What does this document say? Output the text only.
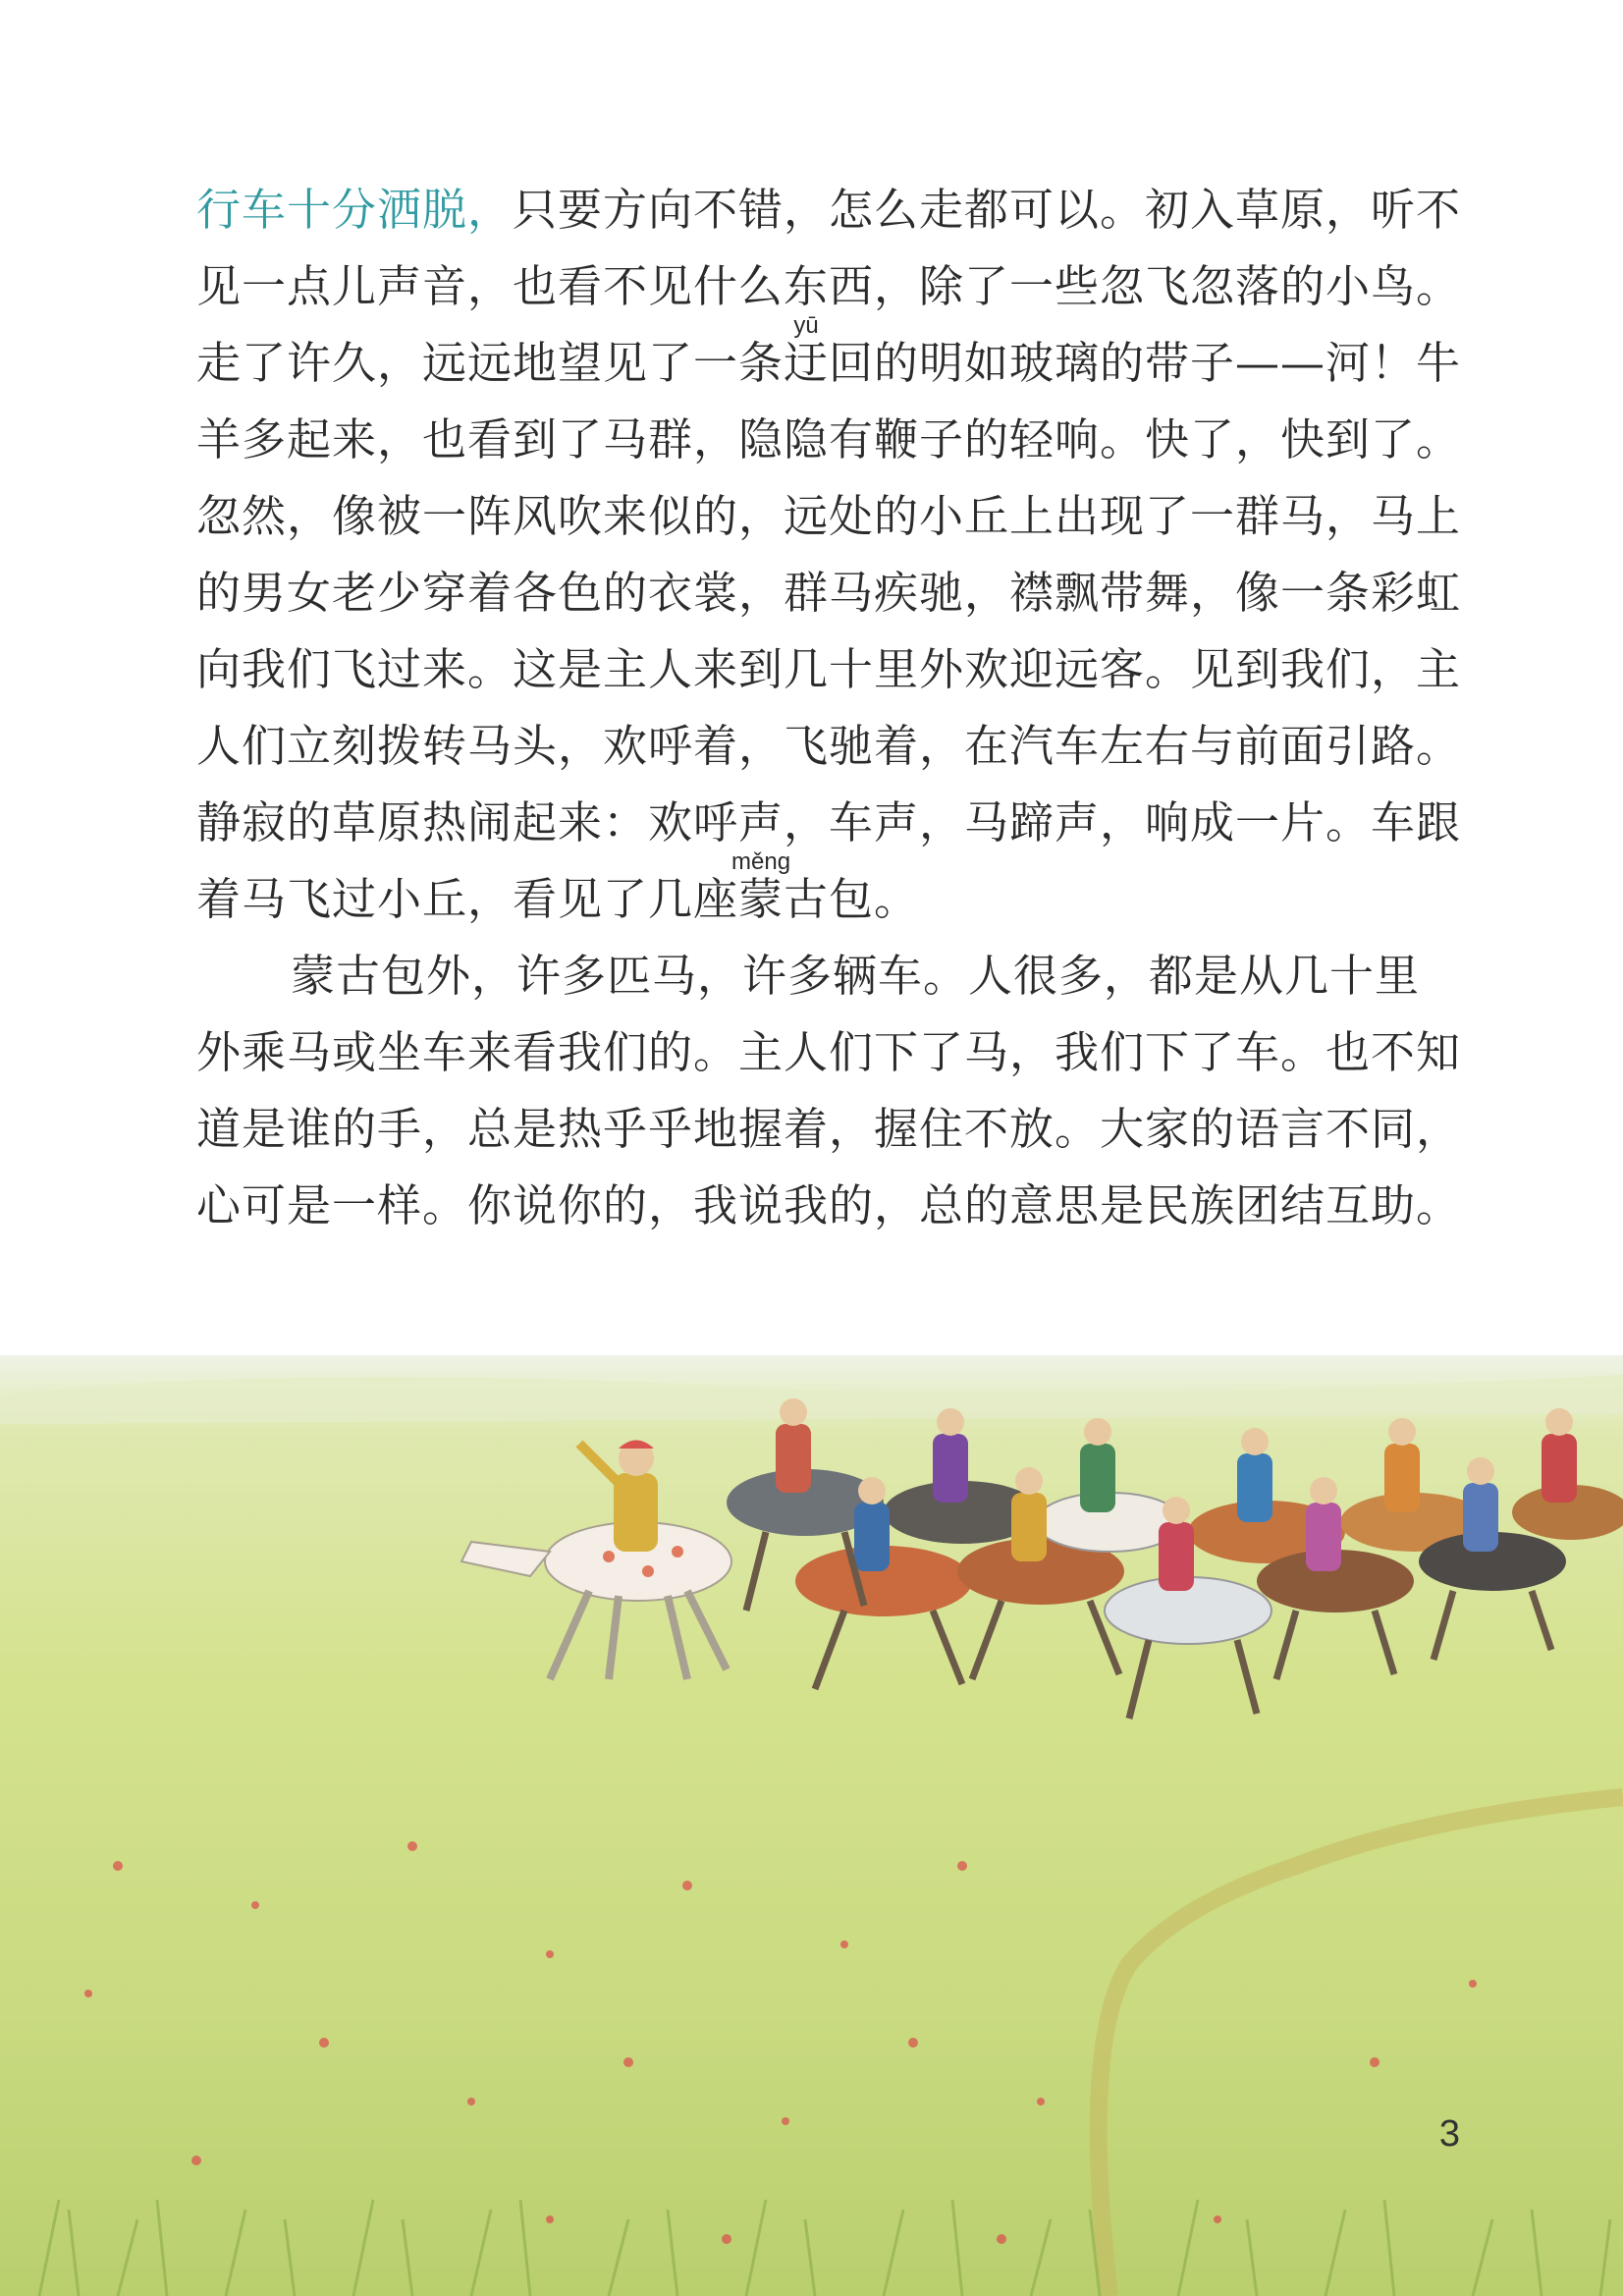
行车十分洒脱，只要方向不错，怎么走都可以。初入草原，听不见一点儿声音，也看不见什么东西，除了一些忽飞忽落的小鸟。走了许久，远远地望见了一条迂yū回的明如玻璃的带子——河！牛羊多起来，也看到了马群，隐隐有鞭子的轻响。快了，快到了。忽然，像被一阵风吹来似的，远处的小丘上出现了一群马，马上的男女老少穿着各色的衣裳，群马疾驰，襟飘带舞，像一条彩虹向我们飞过来。这是主人来到几十里外欢迎远客。见到我们，主人们立刻拨转马头，欢呼着，飞驰着，在汽车左右与前面引路。静寂的草原热闹起来：欢呼声，车声，马蹄声，响成一片。车跟着马飞过小丘，看见了几座蒙měng古包。

蒙古包外，许多匹马，许多辆车。人很多，都是从几十里外乘马或坐车来看我们的。主人们下了马，我们下了车。也不知道是谁的手，总是热乎乎地握着，握住不放。大家的语言不同，心可是一样。你说你的，我说我的，总的意思是民族团结互助。

3
